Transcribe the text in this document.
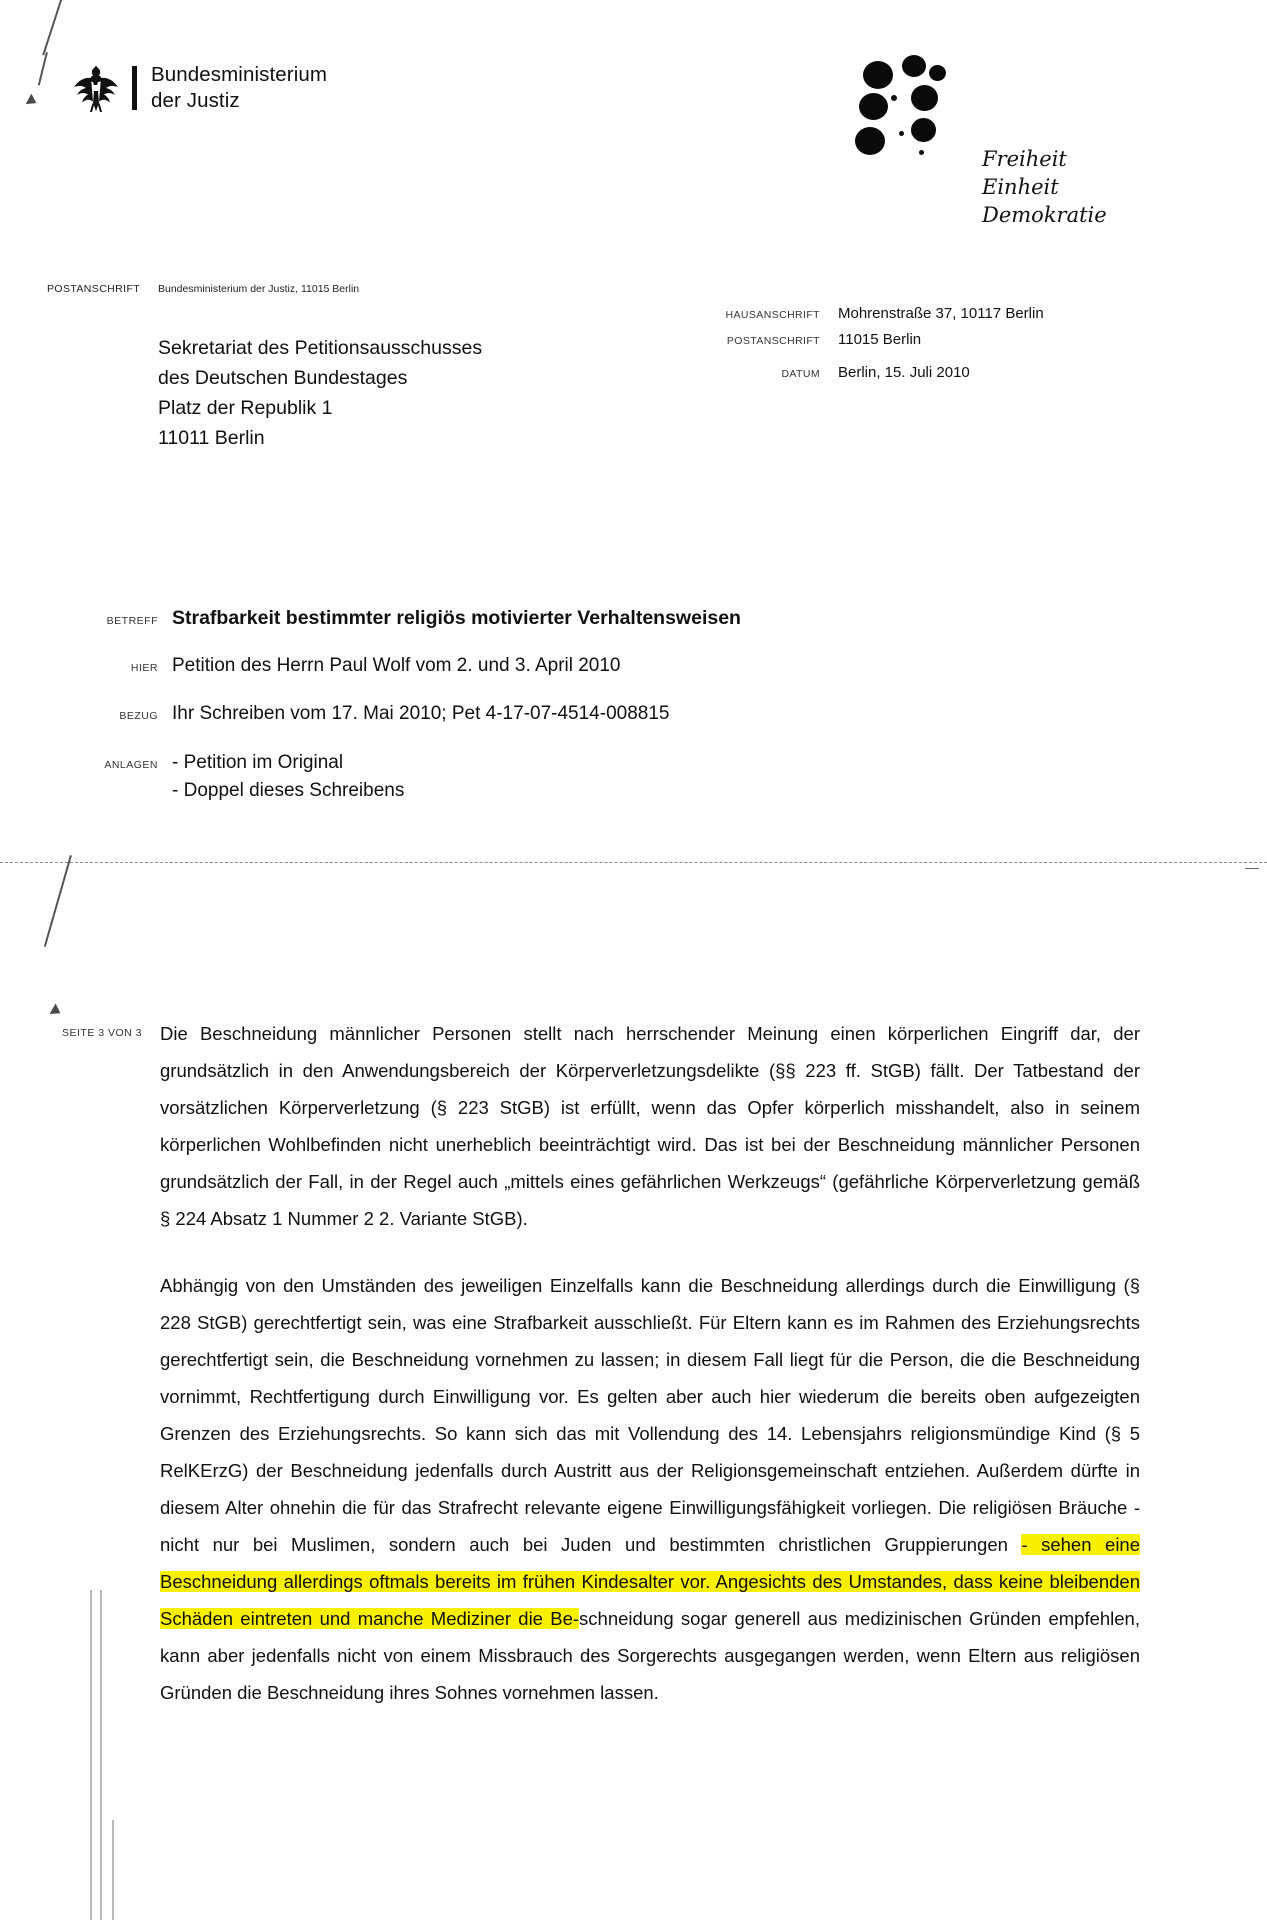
Bundesministerium
der Justiz
Freiheit
Einheit
Demokratie
POSTANSCHRIFT Bundesministerium der Justiz, 11015 Berlin
Sekretariat des Petitionsausschusses
des Deutschen Bundestages
Platz der Republik 1
11011 Berlin
HAUSANSCHRIFT	Mohrenstraße 37, 10117 Berlin
POSTANSCHRIFT	11015 Berlin
DATUM	Berlin, 15. Juli 2010
BETREFF Strafbarkeit bestimmter religiös motivierter Verhaltensweisen
HIER Petition des Herrn Paul Wolf vom 2. und 3. April 2010
BEZUG Ihr Schreiben vom 17. Mai 2010; Pet 4-17-07-4514-008815
ANLAGEN - Petition im Original
- Doppel dieses Schreibens
SEITE 3 VON 3 Die Beschneidung männlicher Personen stellt nach herrschender Meinung einen körperlichen Eingriff dar, der grundsätzlich in den Anwendungsbereich der Körperverletzungsdelikte (§§ 223 ff. StGB) fällt. Der Tatbestand der vorsätzlichen Körperverletzung (§ 223 StGB) ist erfüllt, wenn das Opfer körperlich misshandelt, also in seinem körperlichen Wohlbefinden nicht unerheblich beeinträchtigt wird. Das ist bei der Beschneidung männlicher Personen grundsätzlich der Fall, in der Regel auch „mittels eines gefährlichen Werkzeugs“ (gefährliche Körperverletzung gemäß § 224 Absatz 1 Nummer 2 2. Variante StGB).

Abhängig von den Umständen des jeweiligen Einzelfalls kann die Beschneidung allerdings durch die Einwilligung (§ 228 StGB) gerechtfertigt sein, was eine Strafbarkeit ausschließt. Für Eltern kann es im Rahmen des Erziehungsrechts gerechtfertigt sein, die Beschneidung vornehmen zu lassen; in diesem Fall liegt für die Person, die die Beschneidung vornimmt, Rechtfertigung durch Einwilligung vor. Es gelten aber auch hier wiederum die bereits oben aufgezeigten Grenzen des Erziehungsrechts. So kann sich das mit Vollendung des 14. Lebensjahrs religionsmündige Kind (§ 5 RelKErzG) der Beschneidung jedenfalls durch Austritt aus der Religionsgemeinschaft entziehen. Außerdem dürfte in diesem Alter ohnehin die für das Strafrecht relevante eigene Einwilligungsfähigkeit vorliegen. Die religiösen Bräuche - nicht nur bei Muslimen, sondern auch bei Juden und bestimmten christlichen Gruppierungen - sehen eine Beschneidung allerdings oftmals bereits im frühen Kindesalter vor. Angesichts des Umstandes, dass keine bleibenden Schäden eintreten und manche Mediziner die Be-schneidung sogar generell aus medizinischen Gründen empfehlen, kann aber jedenfalls nicht von einem Missbrauch des Sorgerechts ausgegangen werden, wenn Eltern aus religiösen Gründen die Beschneidung ihres Sohnes vornehmen lassen.
